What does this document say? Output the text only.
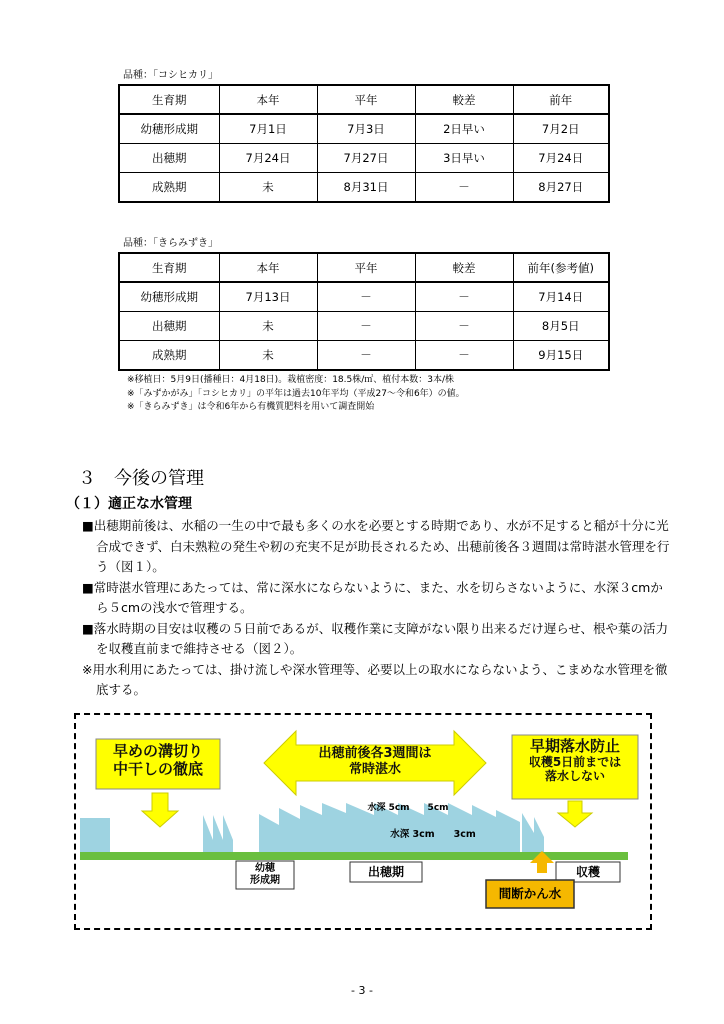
品種：「コシヒカリ」
生育期	本年	平年	較差	前年
幼穂形成期	7月1日	7月3日	2日早い	7月2日
出穂期	7月24日	7月27日	3日早い	7月24日
成熟期	未	8月31日	－	8月27日
品種：「きらみずき」
生育期	本年	平年	較差	前年(参考値)
幼穂形成期	7月13日	－	－	7月14日
出穂期	未	－	－	8月5日
成熟期	未	－	－	9月15日
※移植日：5月9日(播種日：4月18日)。栽植密度：18.5株/㎡、植付本数：3本/株
※「みずかがみ」「コシヒカリ」の平年は過去10年平均（平成27～令和6年）の値。
※「きらみずき」は令和6年から有機質肥料を用いて調査開始
３　今後の管理
（１）適正な水管理

■出穂期前後は、水稲の一生の中で最も多くの水を必要とする時期であり、水が不足すると稲が十分に光合成できず、白未熟粒の発生や籾の充実不足が助長されるため、出穂前後各３週間は常時湛水管理を行う（図１）。

■常時湛水管理にあたっては、常に深水にならないように、また、水を切らさないように、水深３cmから５cmの浅水で管理する。

■落水時期の目安は収穫の５日前であるが、収穫作業に支障がない限り出来るだけ遅らせ、根や葉の活力を収穫直前まで維持させる（図２）。

※用水利用にあたっては、掛け流しや深水管理等、必要以上の取水にならないよう、こまめな水管理を徹底する。

早めの溝切り
中干しの徹底
出穂前後各3週間は
常時湛水
早期落水防止
収穫5日前までは
落水しない
水深 5cm　　5cm
水深 3cm　　3cm
幼穂
形成期
出穂期	収穫
間断かん水
- 3 -
